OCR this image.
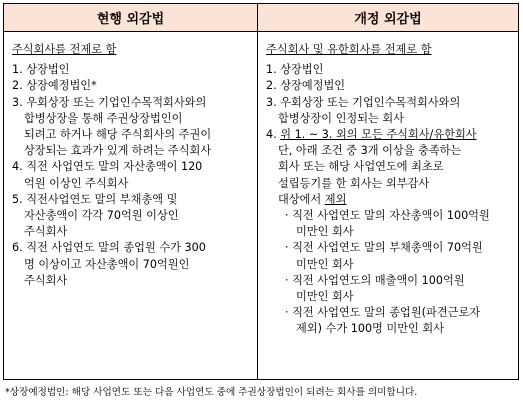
현행 외감법	개정 외감법
주식회사를 전제로 함
1. 상장법인
2. 상장예정법인*
3. 우회상장 또는 기업인수목적회사와의
합병상장을 통해 주권상장법인이
되려고 하거나 해당 주식회사의 주권이
상장되는 효과가 있게 하려는 주식회사
4. 직전 사업연도 말의 자산총액이 120
억원 이상인 주식회사
5. 직전사업연도 말의 부채총액 및
자산총액이 각각 70억원 이상인
주식회사
6. 직전 사업연도 말의 종업원 수가 300
명 이상이고 자산총액이 70억원인
주식회사
주식회사 및 유한회사를 전제로 함
1. 상장법인
2. 상장예정법인
3. 우회상장 또는 기업인수목적회사와의
합병상장이 인정되는 회사
4. 위 1. ~ 3. 외의 모든 주식회사/유한회사
단, 아래 조건 중 3개 이상을 충족하는
회사 또는 해당 사업연도에 최초로
설립등기를 한 회사는 외부감사
대상에서 제외
· 직전 사업연도 말의 자산총액이 100억원
미만인 회사
· 직전 사업연도 말의 부채총액이 70억원
미만인 회사
· 직전 사업연도의 매출액이 100억원
미만인 회사
· 직전 사업연도 말의 종업원(파견근로자
제외) 수가 100명 미만인 회사
*상장예정법인: 해당 사업연도 또는 다음 사업연도 중에 주권상장법인이 되려는 회사를 의미합니다.
